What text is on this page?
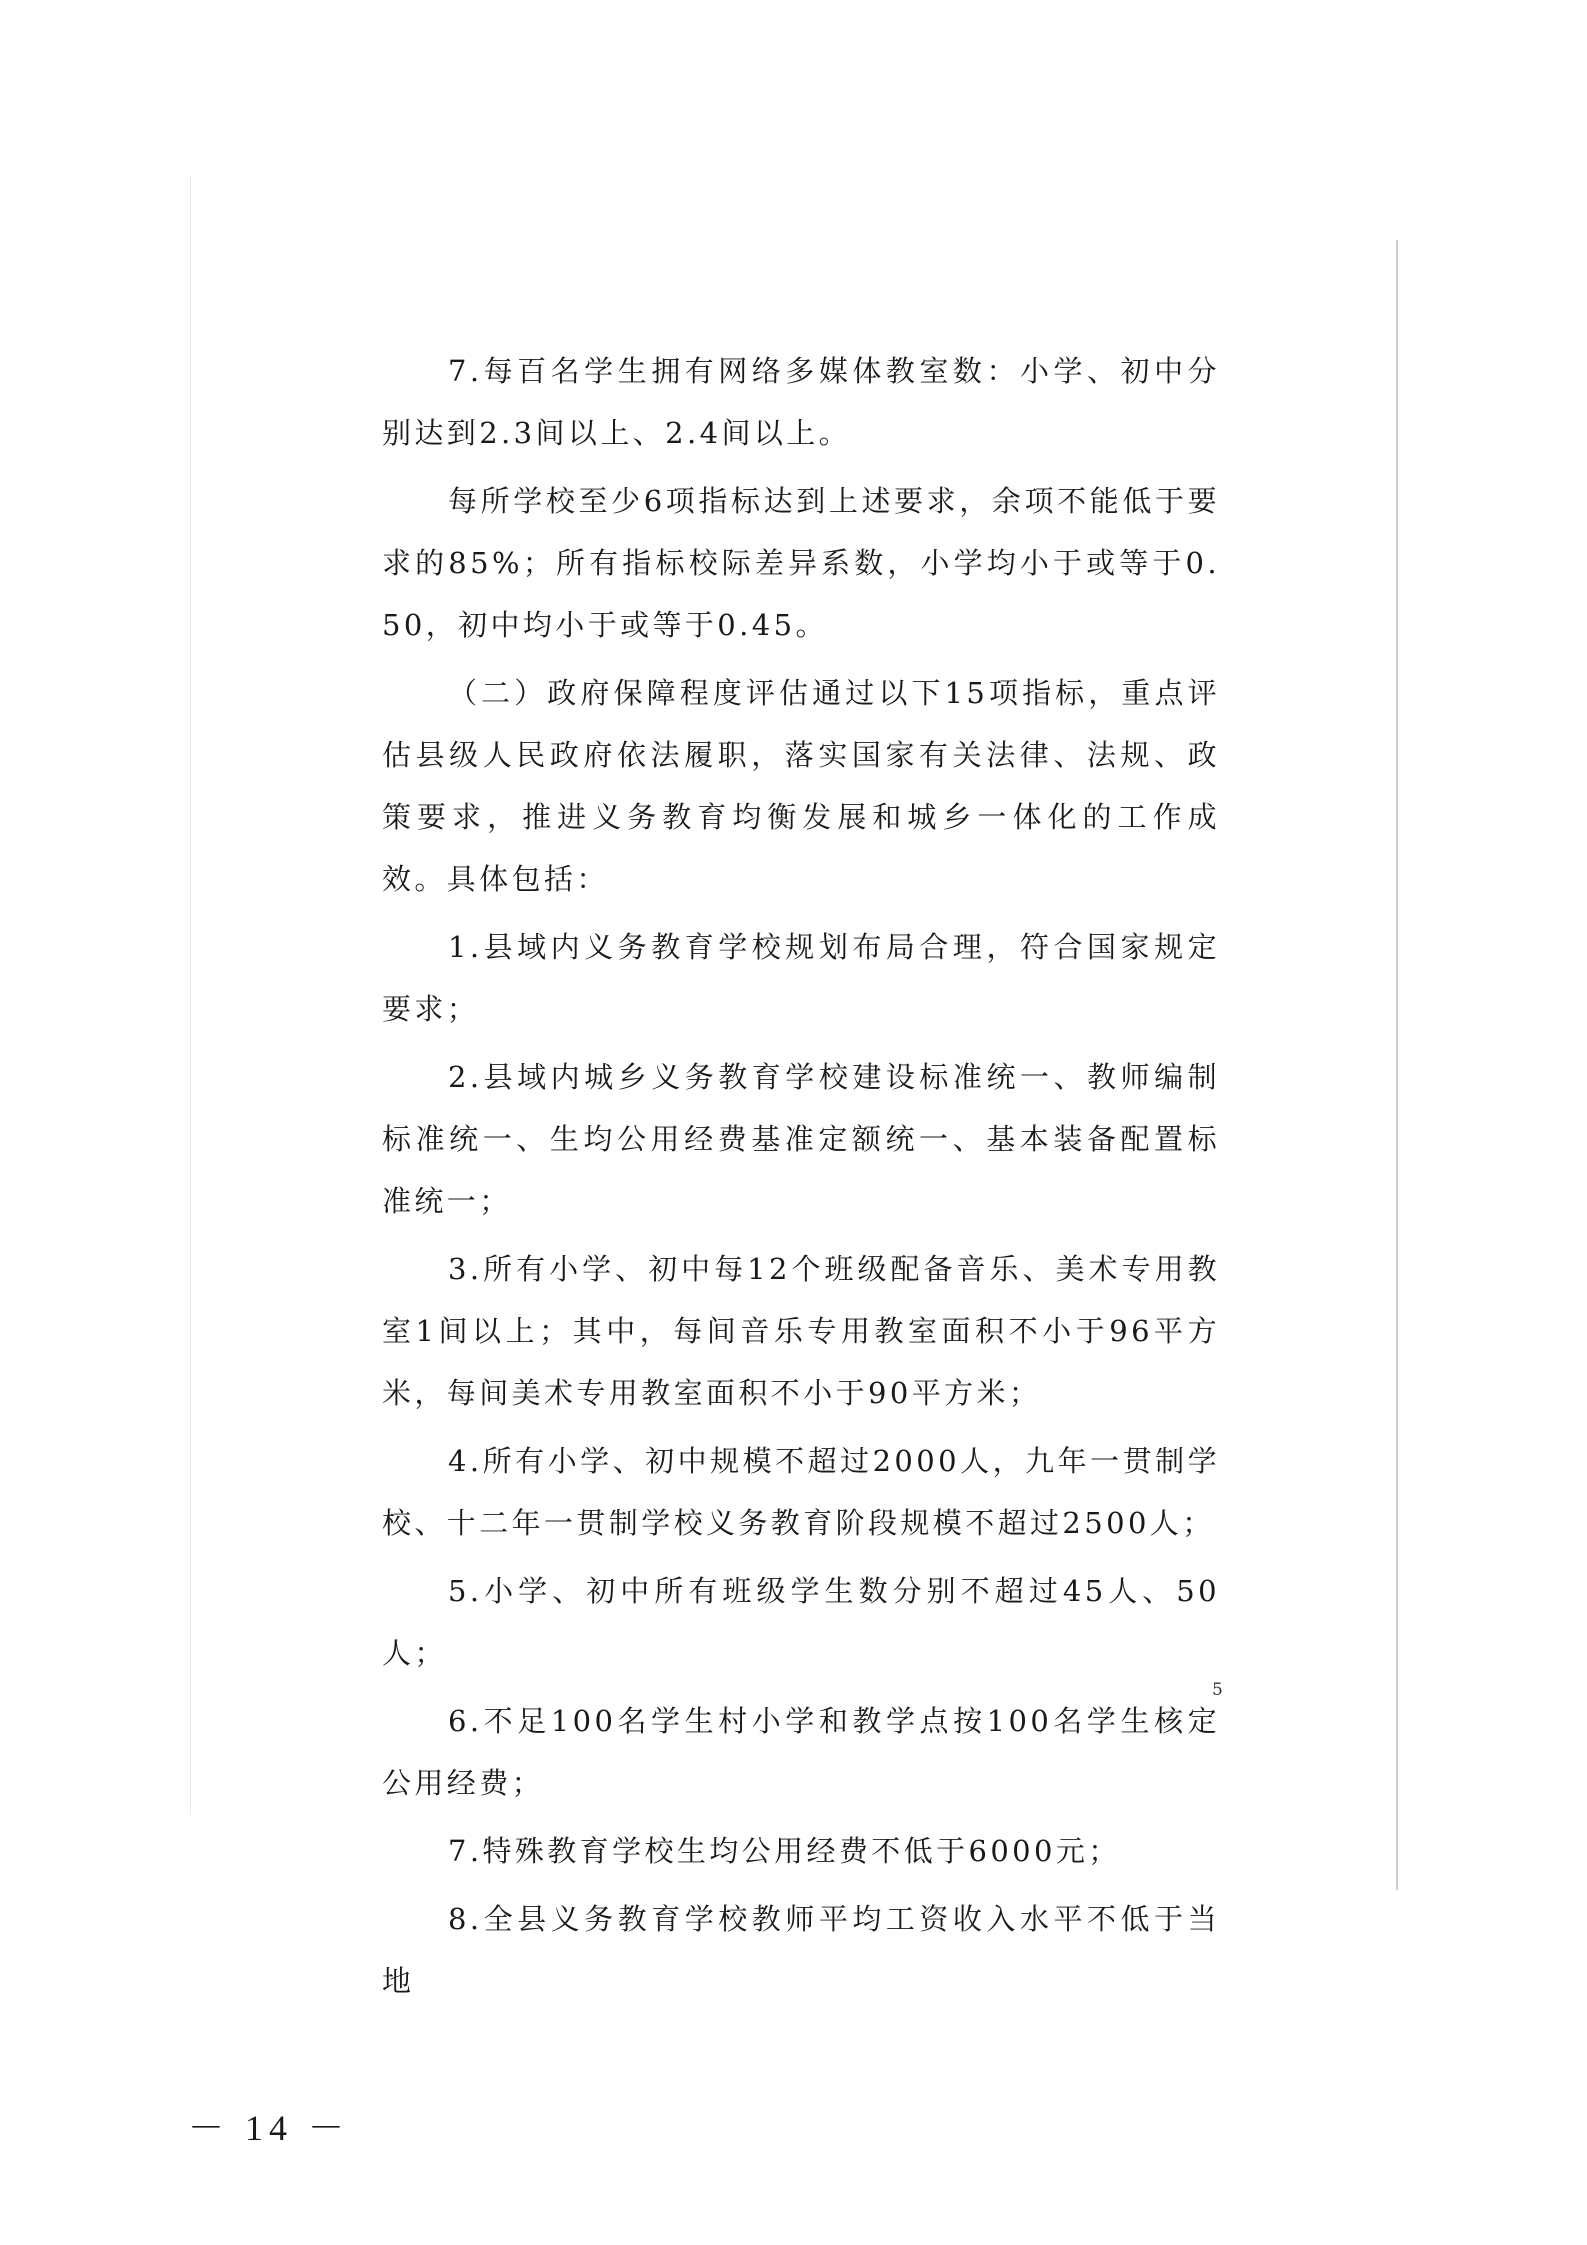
7.每百名学生拥有网络多媒体教室数：小学、初中分别达到2.3间以上、2.4间以上。

每所学校至少6项指标达到上述要求，余项不能低于要求的85%；所有指标校际差异系数，小学均小于或等于0.50，初中均小于或等于0.45。

（二）政府保障程度评估通过以下15项指标，重点评估县级人民政府依法履职，落实国家有关法律、法规、政策要求，推进义务教育均衡发展和城乡一体化的工作成效。具体包括：

1.县域内义务教育学校规划布局合理，符合国家规定要求；

2.县域内城乡义务教育学校建设标准统一、教师编制标准统一、生均公用经费基准定额统一、基本装备配置标准统一；

3.所有小学、初中每12个班级配备音乐、美术专用教室1间以上；其中，每间音乐专用教室面积不小于96平方米，每间美术专用教室面积不小于90平方米；

4.所有小学、初中规模不超过2000人，九年一贯制学校、十二年一贯制学校义务教育阶段规模不超过2500人；

5.小学、初中所有班级学生数分别不超过45人、50人；

6.不足100名学生村小学和教学点按100名学生核定公用经费；

7.特殊教育学校生均公用经费不低于6000元；

8.全县义务教育学校教师平均工资收入水平不低于当地

5
－ 14 －
